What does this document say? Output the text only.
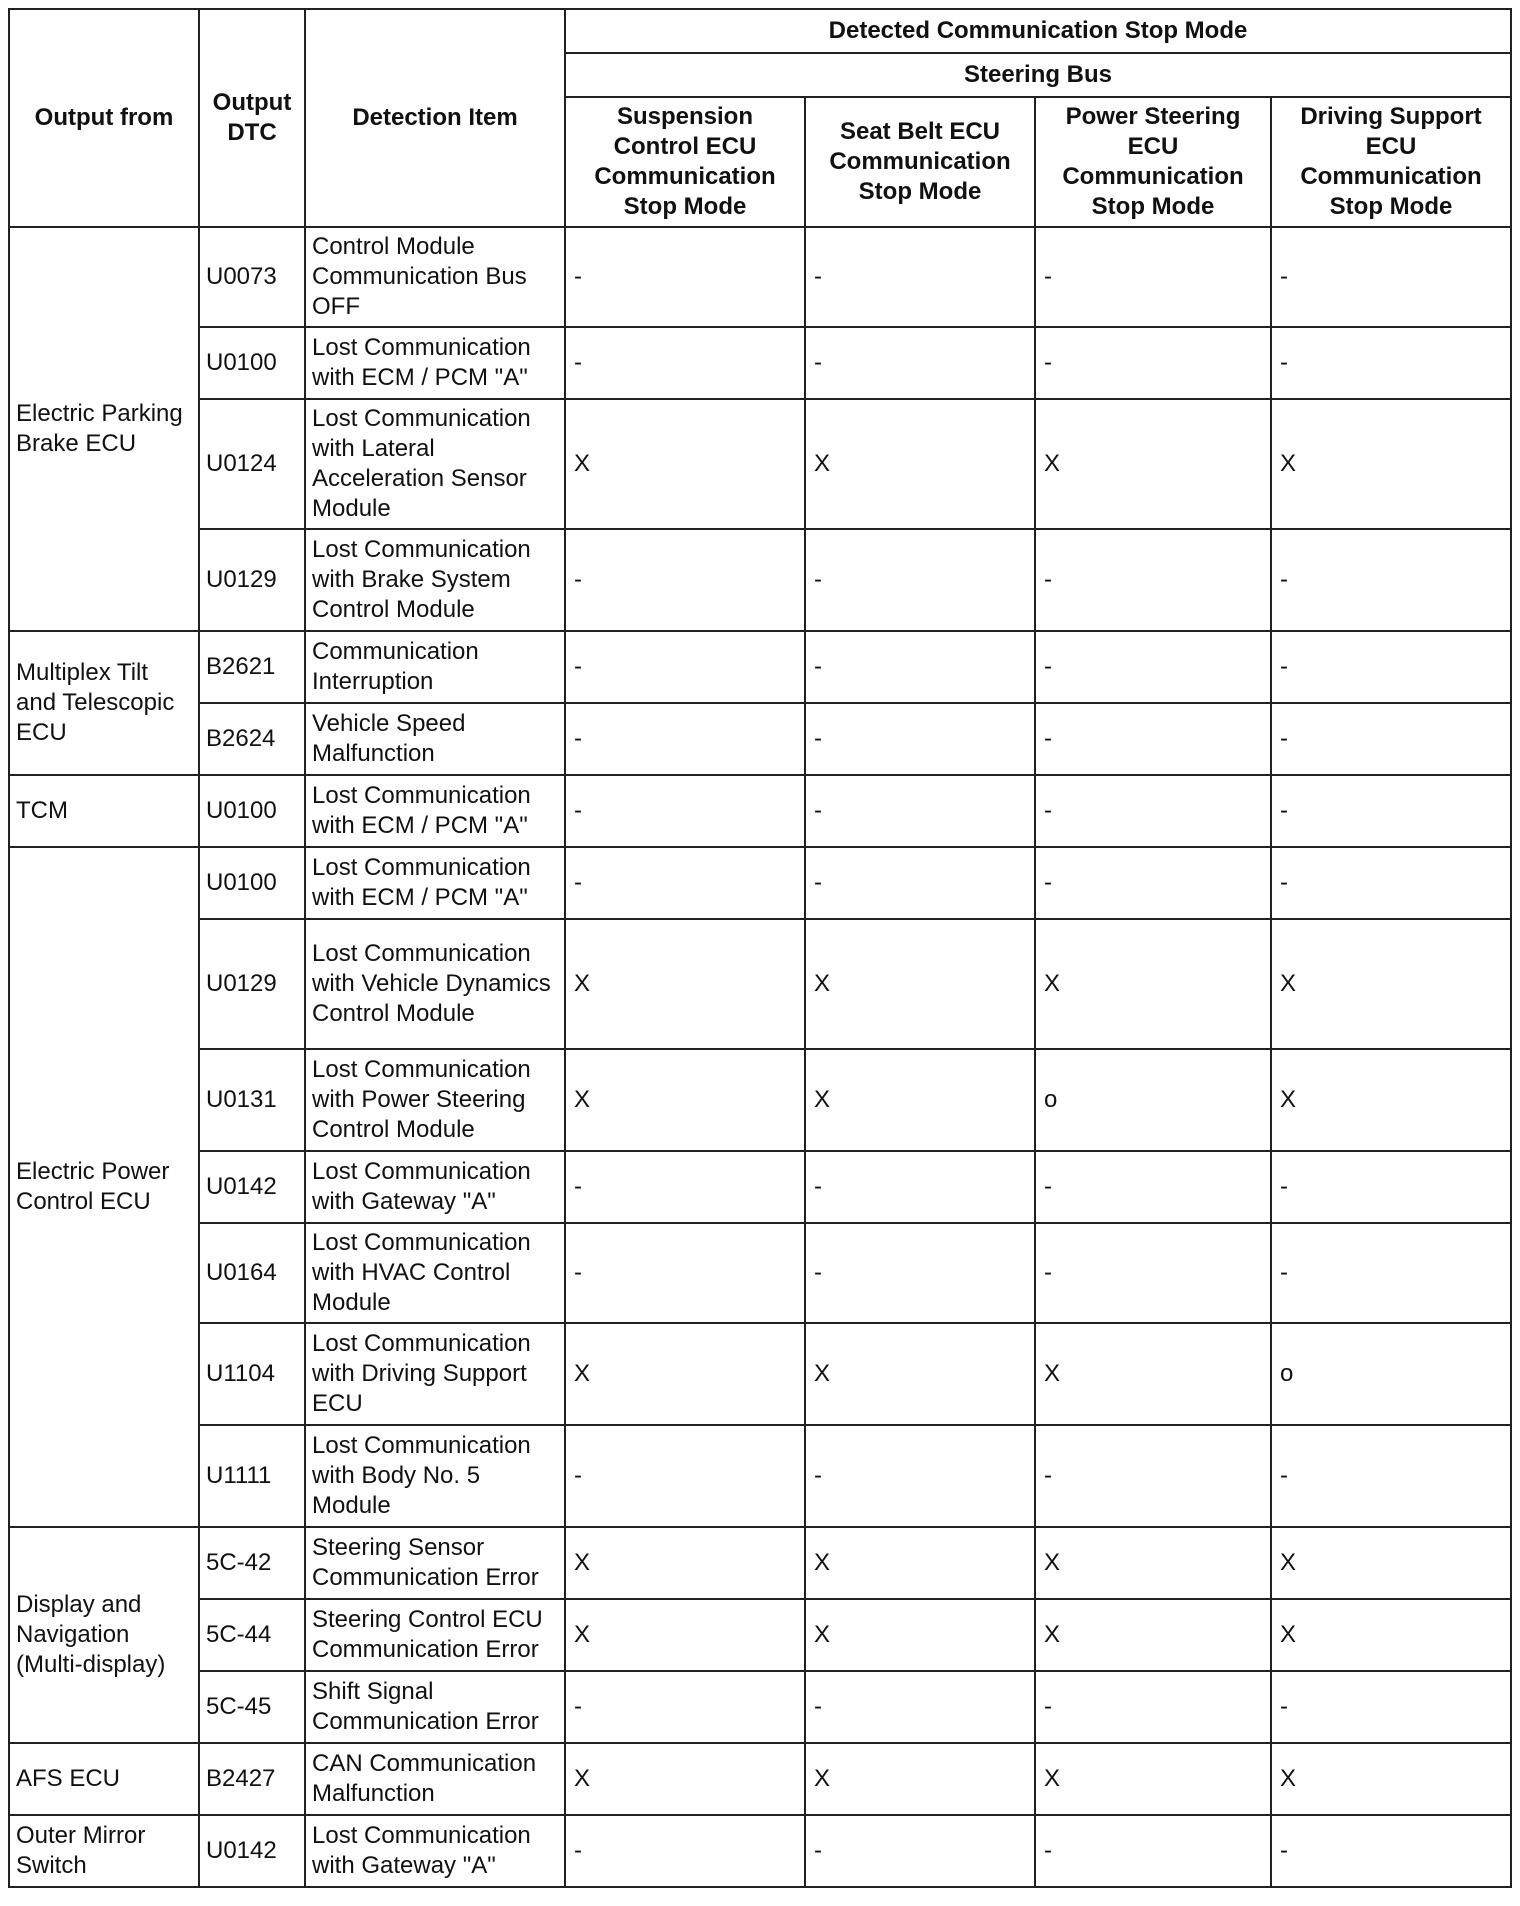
Output from	Output DTC	Detection Item	Detected Communication Stop Mode			
			Steering Bus			
			Suspension Control ECU Communication Stop Mode	Seat Belt ECU Communication Stop Mode	Power Steering ECU Communication Stop Mode	Driving Support ECU Communication Stop Mode
Electric Parking Brake ECU	U0073	Control Module Communication Bus OFF	-	-	-	-
	U0100	Lost Communication with ECM / PCM "A"	-	-	-	-
	U0124	Lost Communication with Lateral Acceleration Sensor Module	X	X	X	X
	U0129	Lost Communication with Brake System Control Module	-	-	-	-
Multiplex Tilt and Telescopic ECU	B2621	Communication Interruption	-	-	-	-
	B2624	Vehicle Speed Malfunction	-	-	-	-
TCM	U0100	Lost Communication with ECM / PCM "A"	-	-	-	-
Electric Power Control ECU	U0100	Lost Communication with ECM / PCM "A"	-	-	-	-
	U0129	Lost Communication with Vehicle Dynamics Control Module	X	X	X	X
	U0131	Lost Communication with Power Steering Control Module	X	X	o	X
	U0142	Lost Communication with Gateway "A"	-	-	-	-
	U0164	Lost Communication with HVAC Control Module	-	-	-	-
	U1104	Lost Communication with Driving Support ECU	X	X	X	o
	U1111	Lost Communication with Body No. 5 Module	-	-	-	-
Display and Navigation (Multi-display)	5C-42	Steering Sensor Communication Error	X	X	X	X
	5C-44	Steering Control ECU Communication Error	X	X	X	X
	5C-45	Shift Signal Communication Error	-	-	-	-
AFS ECU	B2427	CAN Communication Malfunction	X	X	X	X
Outer Mirror Switch	U0142	Lost Communication with Gateway "A"	-	-	-	-
